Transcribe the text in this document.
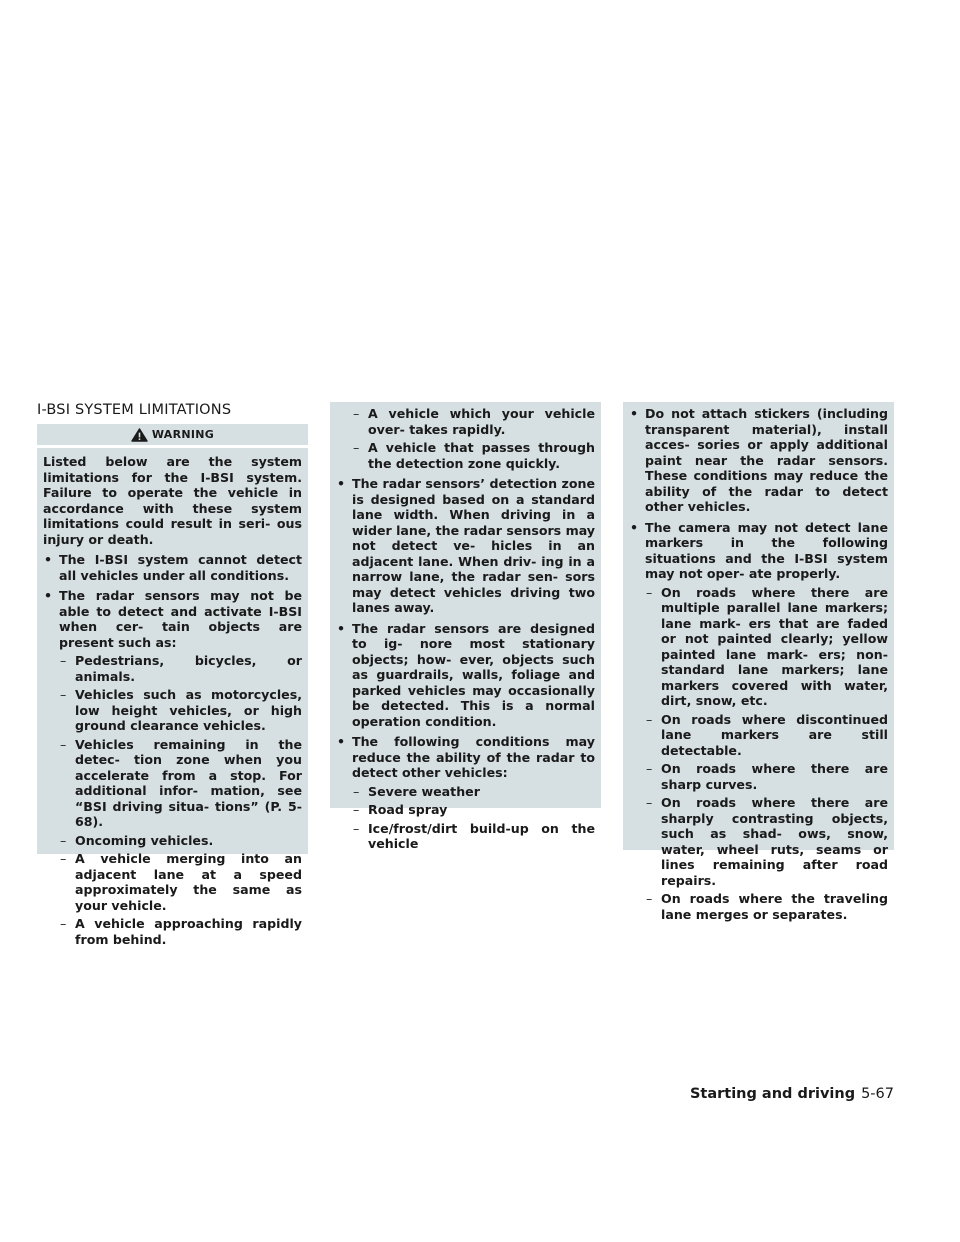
I-BSI SYSTEM LIMITATIONS
WARNING

Listed below are the system limitations for the I-BSI system. Failure to operate the vehicle in accordance with these system limitations could result in seri- ous injury or death.

• The I-BSI system cannot detect all vehicles under all conditions.
• The radar sensors may not be able to detect and activate I-BSI when cer- tain objects are present such as:
– Pedestrians, bicycles, or animals.
– Vehicles such as motorcycles, low height vehicles, or high ground clearance vehicles.
– Vehicles remaining in the detec- tion zone when you accelerate from a stop. For additional infor- mation, see “BSI driving situa- tions” (P. 5-68).
– Oncoming vehicles.
– A vehicle merging into an adjacent lane at a speed approximately the same as your vehicle.
– A vehicle approaching rapidly from behind.
– A vehicle which your vehicle over- takes rapidly.
– A vehicle that passes through the detection zone quickly.
• The radar sensors’ detection zone is designed based on a standard lane width. When driving in a wider lane, the radar sensors may not detect ve- hicles in an adjacent lane. When driv- ing in a narrow lane, the radar sen- sors may detect vehicles driving two lanes away.
• The radar sensors are designed to ig- nore most stationary objects; how- ever, objects such as guardrails, walls, foliage and parked vehicles may occasionally be detected. This is a normal operation condition.
• The following conditions may reduce the ability of the radar to detect other vehicles:
– Severe weather
– Road spray
– Ice/frost/dirt build-up on the vehicle
• Do not attach stickers (including transparent material), install acces- sories or apply additional paint near the radar sensors. These conditions may reduce the ability of the radar to detect other vehicles.
• The camera may not detect lane markers in the following situations and the I-BSI system may not oper- ate properly.
– On roads where there are multiple parallel lane markers; lane mark- ers that are faded or not painted clearly; yellow painted lane mark- ers; non-standard lane markers; lane markers covered with water, dirt, snow, etc.
– On roads where discontinued lane markers are still detectable.
– On roads where there are sharp curves.
– On roads where there are sharply contrasting objects, such as shad- ows, snow, water, wheel ruts, seams or lines remaining after road repairs.
– On roads where the traveling lane merges or separates.
Starting and driving 5-67
